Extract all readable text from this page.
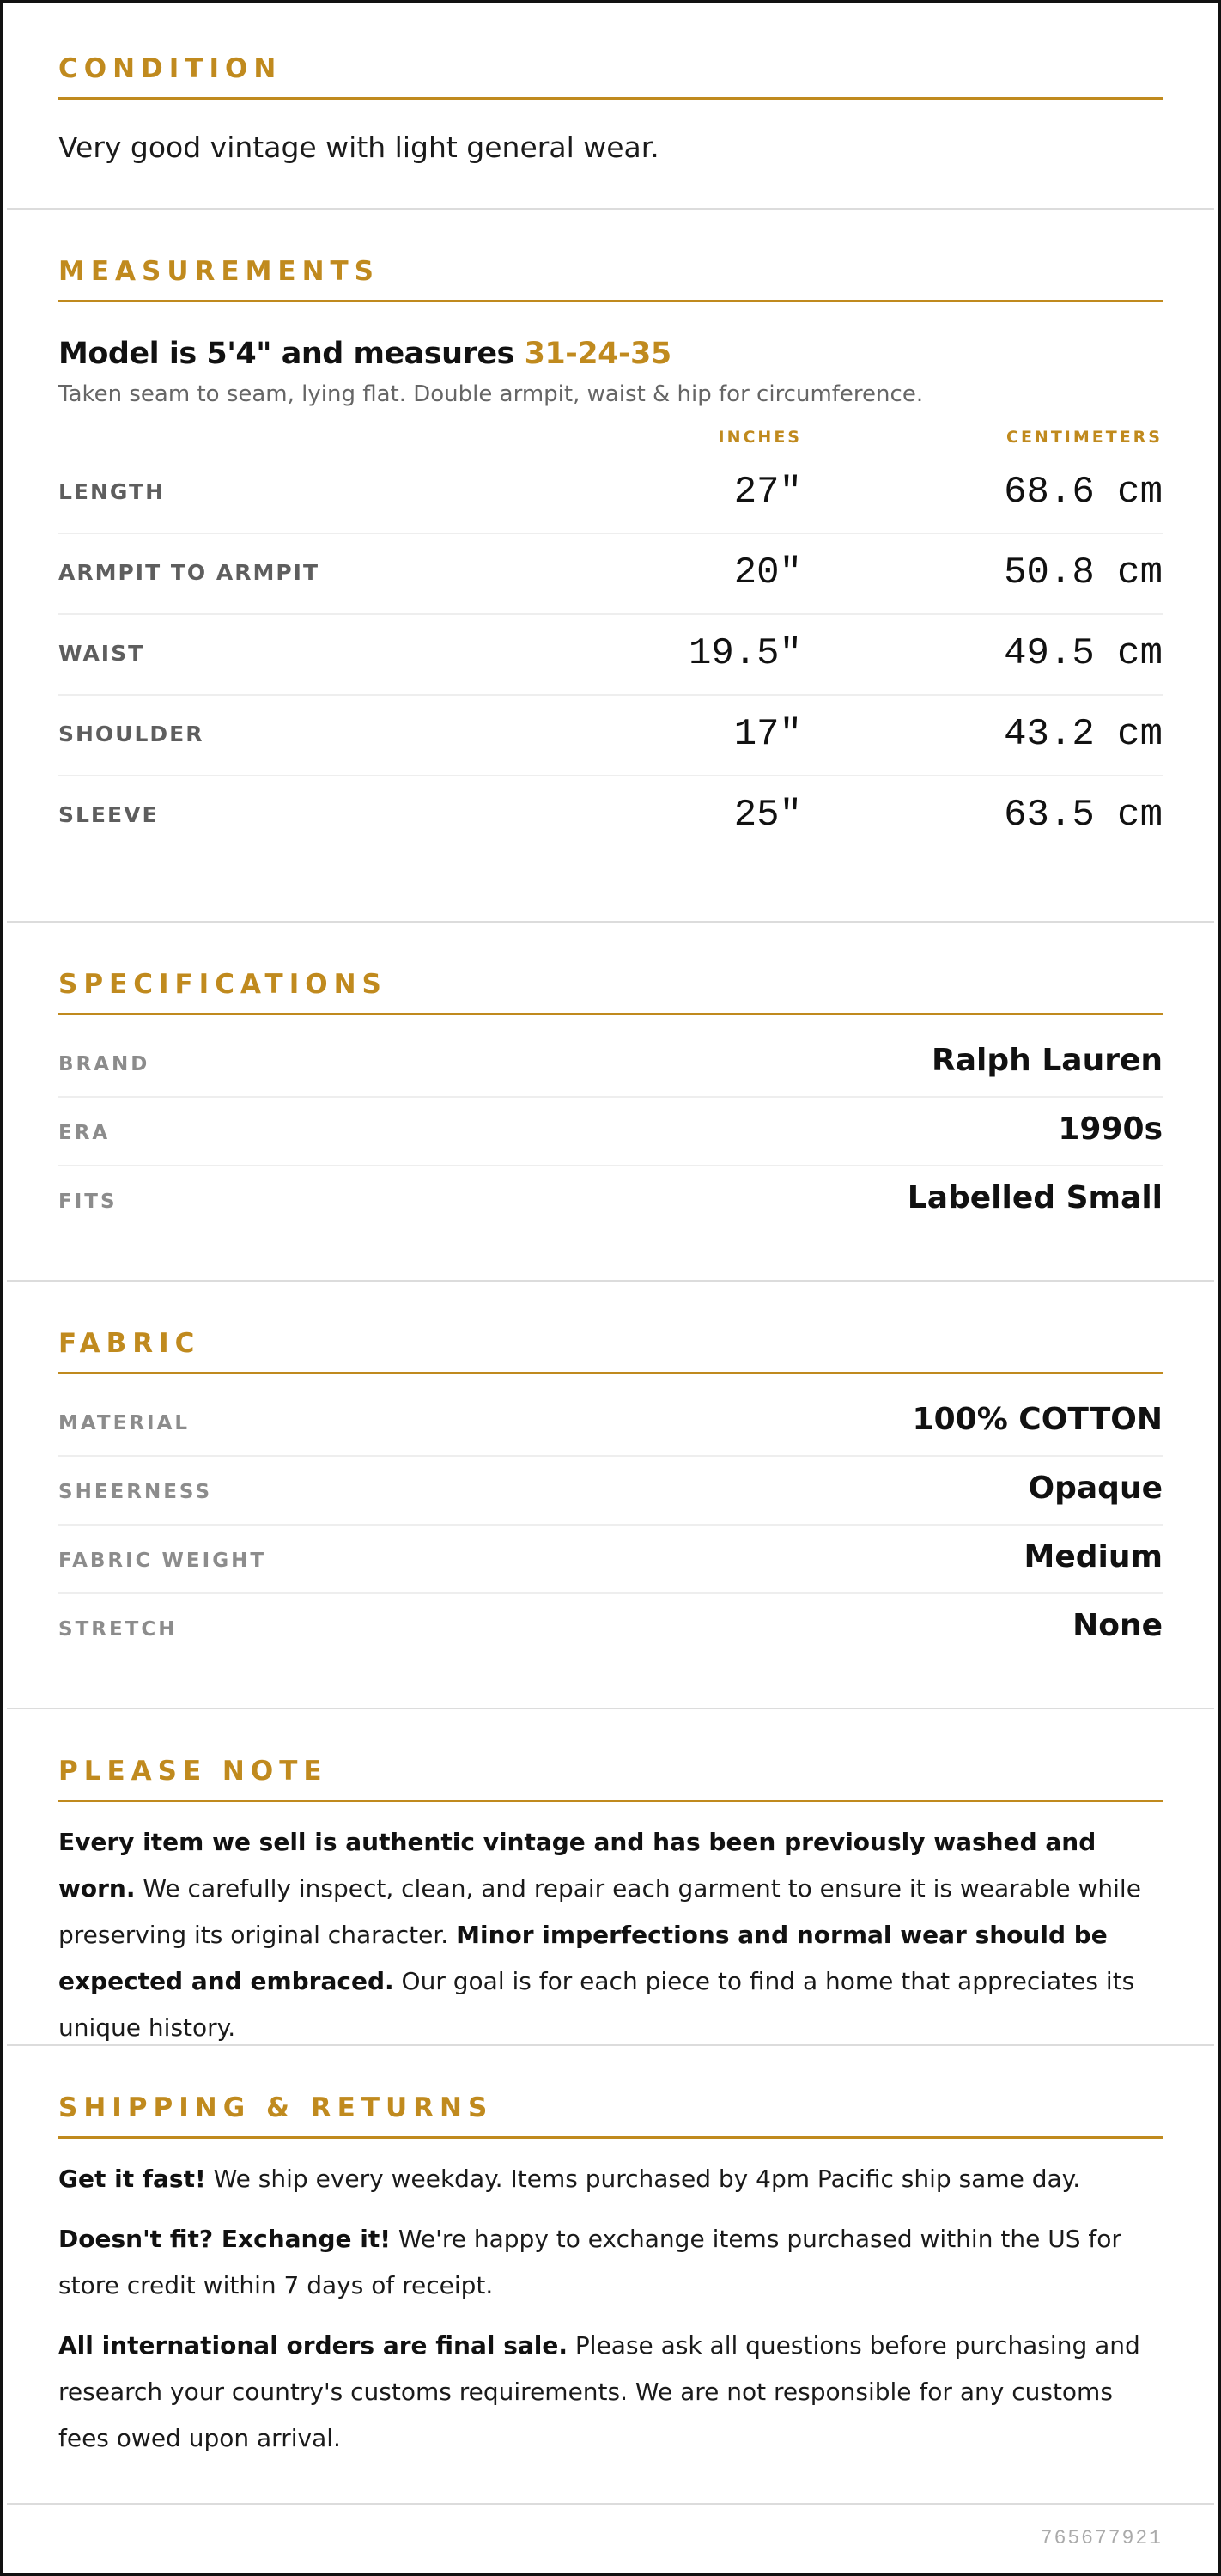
CONDITION
Very good vintage with light general wear.
MEASUREMENTS
Model is 5'4" and measures 31-24-35
Taken seam to seam, lying flat. Double armpit, waist & hip for circumference.
INCHES	CENTIMETERS
LENGTH	27"	68.6 cm
ARMPIT TO ARMPIT	20"	50.8 cm
WAIST	19.5"	49.5 cm
SHOULDER	17"	43.2 cm
SLEEVE	25"	63.5 cm
SPECIFICATIONS
BRAND	Ralph Lauren
ERA	1990s
FITS	Labelled Small
FABRIC
MATERIAL	100% COTTON
SHEERNESS	Opaque
FABRIC WEIGHT	Medium
STRETCH	None
PLEASE NOTE
Every item we sell is authentic vintage and has been previously washed and worn. We carefully inspect, clean, and repair each garment to ensure it is wearable while preserving its original character. Minor imperfections and normal wear should be expected and embraced. Our goal is for each piece to find a home that appreciates its unique history.
SHIPPING & RETURNS
Get it fast! We ship every weekday. Items purchased by 4pm Pacific ship same day.
Doesn't fit? Exchange it! We're happy to exchange items purchased within the US for store credit within 7 days of receipt.
All international orders are final sale. Please ask all questions before purchasing and research your country's customs requirements. We are not responsible for any customs fees owed upon arrival.
765677921
